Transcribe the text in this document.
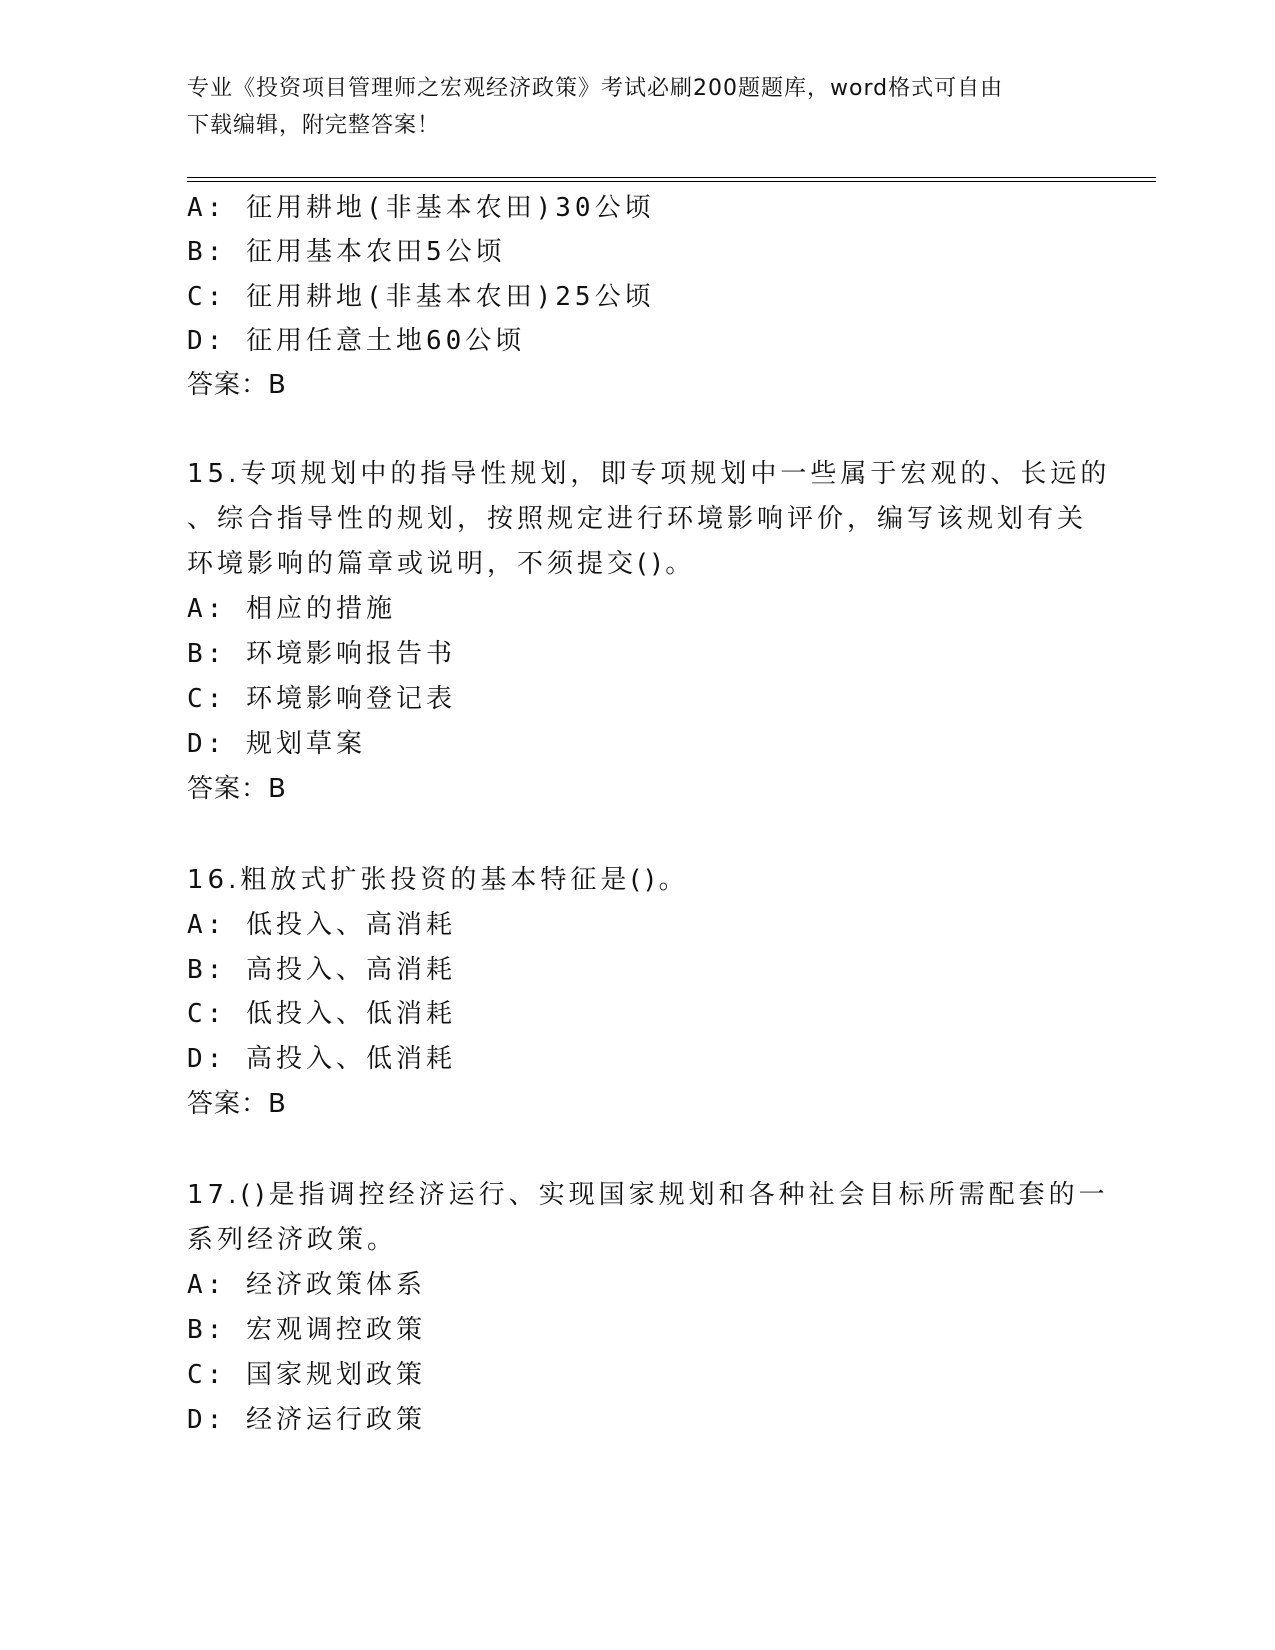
专业《投资项目管理师之宏观经济政策》考试必刷200题题库，word格式可自由
下载编辑，附完整答案！
A: 征用耕地(非基本农田)30公顷
B: 征用基本农田5公顷
C: 征用耕地(非基本农田)25公顷
D: 征用任意土地60公顷
答案：B
15.专项规划中的指导性规划，即专项规划中一些属于宏观的、长远的
、综合指导性的规划，按照规定进行环境影响评价，编写该规划有关
环境影响的篇章或说明，不须提交()。
A: 相应的措施
B: 环境影响报告书
C: 环境影响登记表
D: 规划草案
答案：B
16.粗放式扩张投资的基本特征是()。
A: 低投入、高消耗
B: 高投入、高消耗
C: 低投入、低消耗
D: 高投入、低消耗
答案：B
17.()是指调控经济运行、实现国家规划和各种社会目标所需配套的一
系列经济政策。
A: 经济政策体系
B: 宏观调控政策
C: 国家规划政策
D: 经济运行政策
